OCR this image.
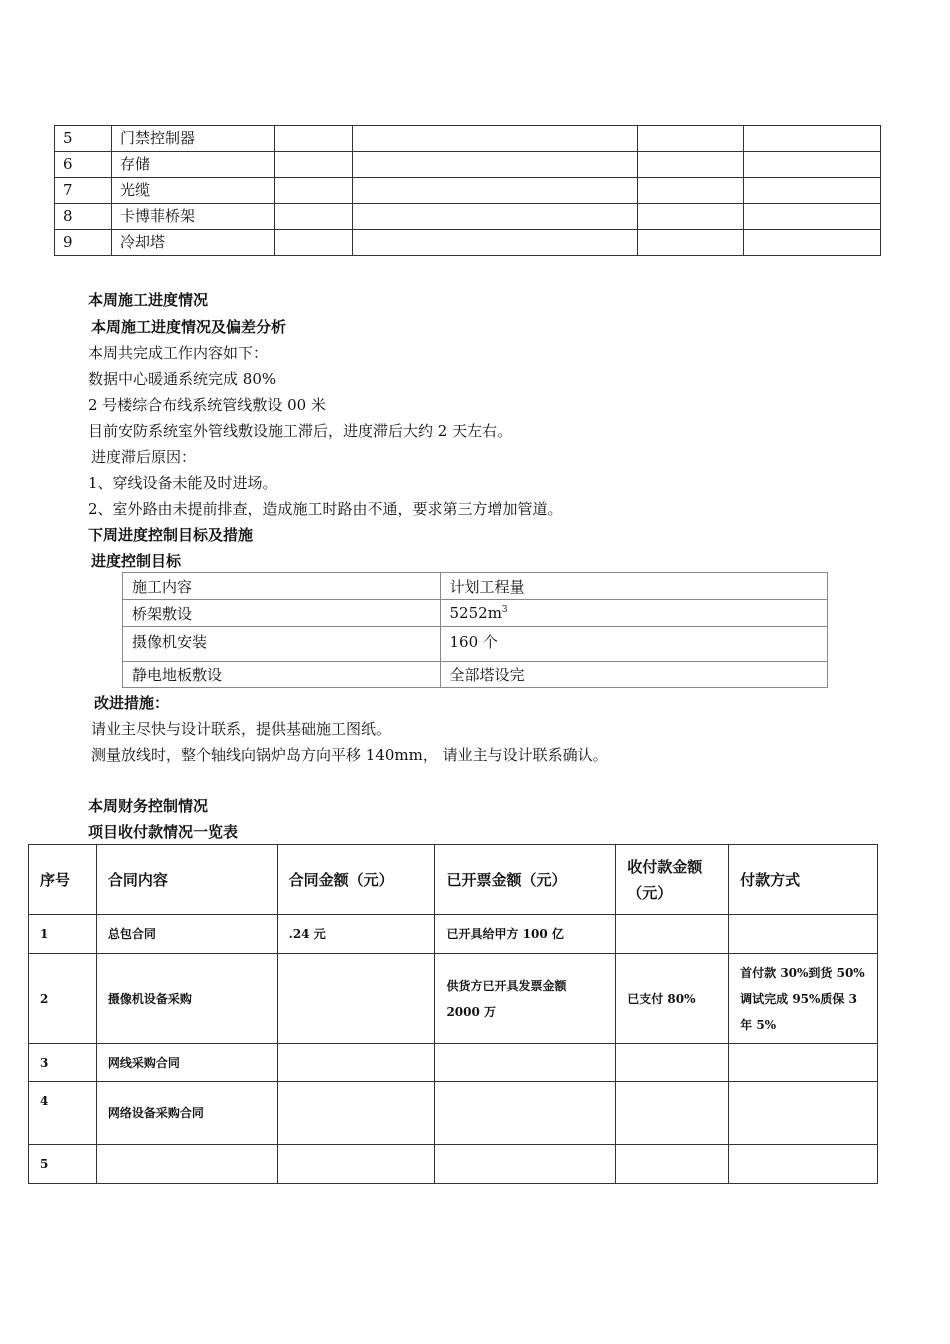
5	门禁控制器				
6	存储				
7	光缆				
8	卡博菲桥架				
9	冷却塔				
本周施工进度情况
本周施工进度情况及偏差分析
本周共完成工作内容如下：
数据中心暖通系统完成 80%
2 号楼综合布线系统管线敷设 00 米
目前安防系统室外管线敷设施工滞后，进度滞后大约 2 天左右。
进度滞后原因：
1、穿线设备未能及时进场。
2、室外路由未提前排查，造成施工时路由不通，要求第三方增加管道。
下周进度控制目标及措施
进度控制目标
施工内容	计划工程量
桥架敷设	$5252m^3$
摄像机安装	160 个
静电地板敷设	全部塔设完
改进措施：
请业主尽快与设计联系，提供基础施工图纸。
测量放线时，整个轴线向锅炉岛方向平移 140mm， 请业主与设计联系确认。
本周财务控制情况
项目收付款情况一览表
序号	合同内容	合同金额（元）	已开票金额（元）	收付款金额（元）	付款方式
1	总包合同	.24 元	已开具给甲方 100 亿		
2	摄像机设备采购		供货方已开具发票金额 2000 万	已支付 80%	首付款 30%到货 50%调试完成 95%质保 3 年 5%
3	网线采购合同				
4	网络设备采购合同				
5					
